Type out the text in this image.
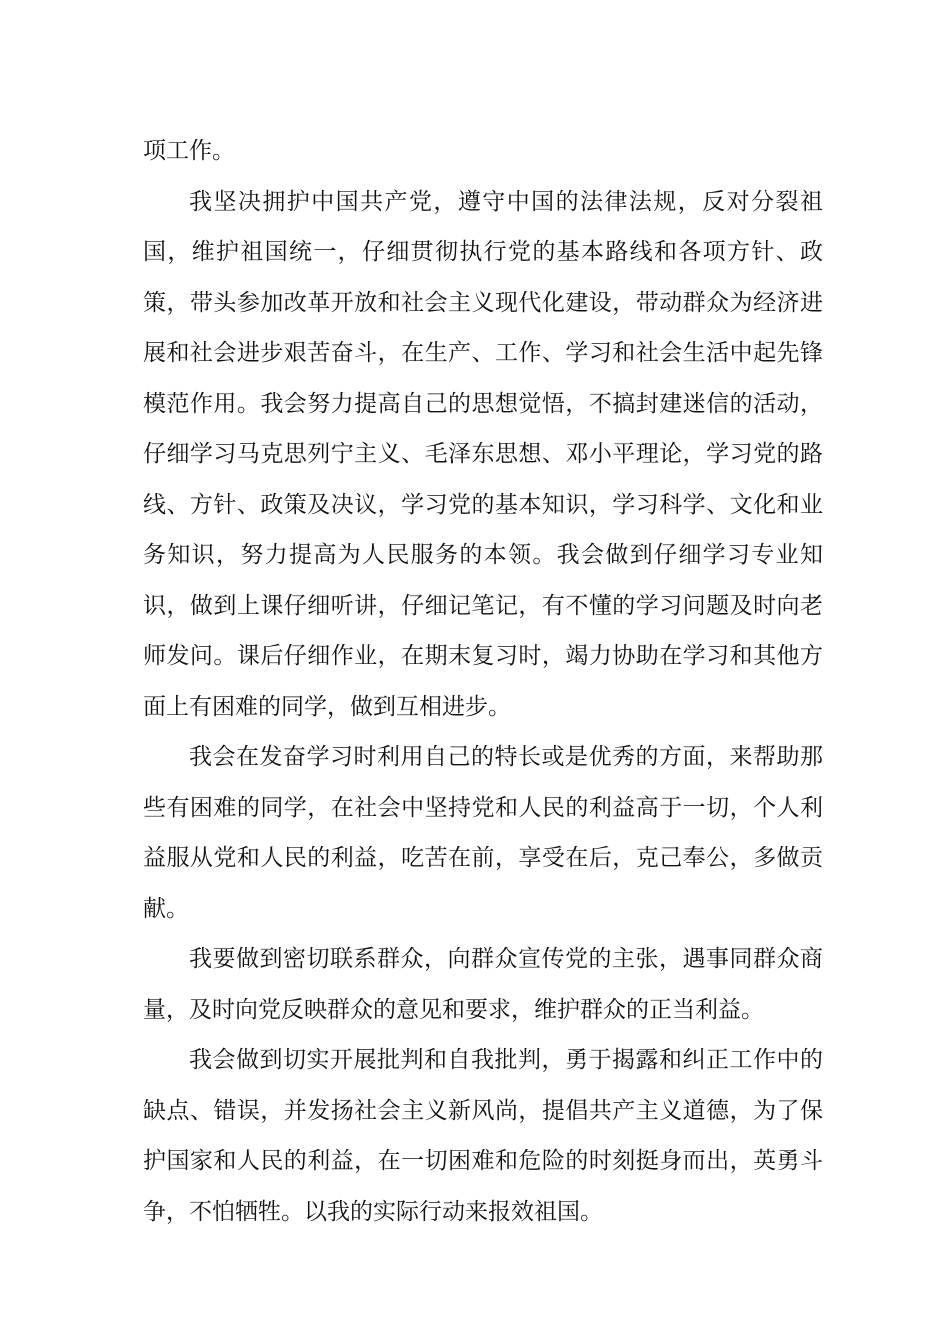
项工作。

我坚决拥护中国共产党，遵守中国的法律法规，反对分裂祖国，维护祖国统一，仔细贯彻执行党的基本路线和各项方针、政策，带头参加改革开放和社会主义现代化建设，带动群众为经济进展和社会进步艰苦奋斗，在生产、工作、学习和社会生活中起先锋模范作用。我会努力提高自己的思想觉悟，不搞封建迷信的活动，仔细学习马克思列宁主义、毛泽东思想、邓小平理论，学习党的路线、方针、政策及决议，学习党的基本知识，学习科学、文化和业务知识，努力提高为人民服务的本领。我会做到仔细学习专业知识，做到上课仔细听讲，仔细记笔记，有不懂的学习问题及时向老师发问。课后仔细作业，在期末复习时，竭力协助在学习和其他方面上有困难的同学，做到互相进步。

我会在发奋学习时利用自己的特长或是优秀的方面，来帮助那些有困难的同学，在社会中坚持党和人民的利益高于一切，个人利益服从党和人民的利益，吃苦在前，享受在后，克己奉公，多做贡献。

我要做到密切联系群众，向群众宣传党的主张，遇事同群众商量，及时向党反映群众的意见和要求，维护群众的正当利益。

我会做到切实开展批判和自我批判，勇于揭露和纠正工作中的缺点、错误，并发扬社会主义新风尚，提倡共产主义道德，为了保护国家和人民的利益，在一切困难和危险的时刻挺身而出，英勇斗争，不怕牺牲。以我的实际行动来报效祖国。
